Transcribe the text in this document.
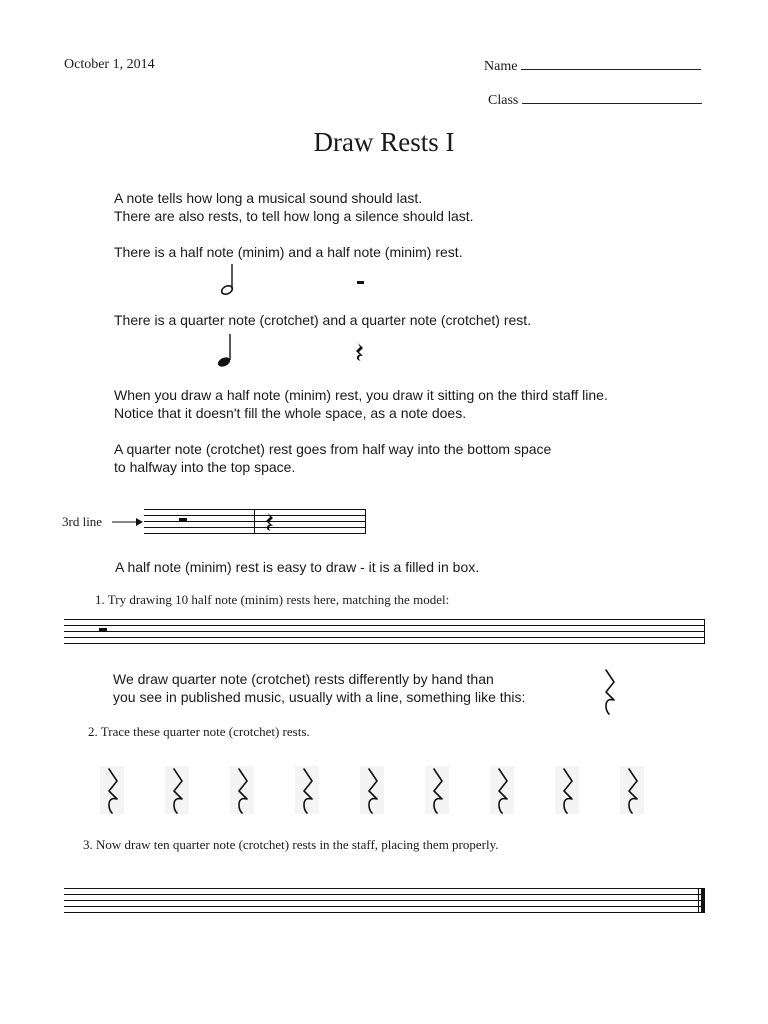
October 1, 2014	Name
Class
Draw Rests I
A note tells how long a musical sound should last.
There are also rests, to tell how long a silence should last.
There is a half note (minim) and a half note (minim) rest.
There is a quarter note (crotchet) and a quarter note (crotchet) rest.
When you draw a half note (minim) rest, you draw it sitting on the third staff line.
Notice that it doesn't fill the whole space, as a note does.
A quarter note (crotchet) rest goes from half way into the bottom space
to halfway into the top space.
3rd line
A half note (minim) rest is easy to draw - it is a filled in box.
1. Try drawing 10 half note (minim) rests here, matching the model:
We draw quarter note (crotchet) rests differently by hand than
you see in published music, usually with a line, something like this:
2. Trace these quarter note (crotchet) rests.
3. Now draw ten quarter note (crotchet) rests in the staff, placing them properly.
